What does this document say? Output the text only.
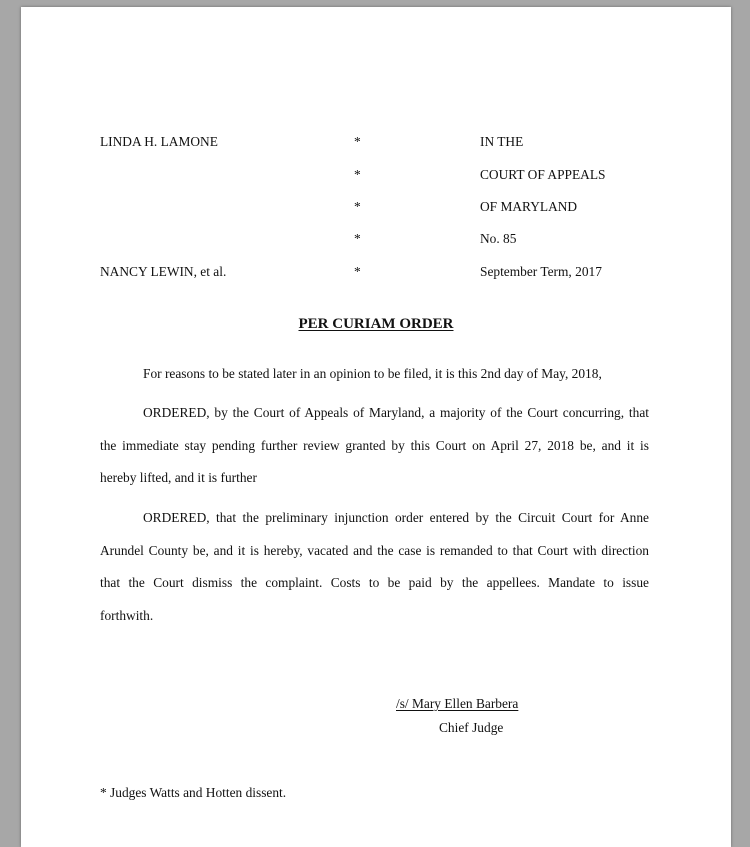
LINDA H. LAMONE
NANCY LEWIN, et al.
*
*
*
*
*
IN THE
COURT OF APPEALS
OF MARYLAND
No. 85
September Term, 2017
PER CURIAM ORDER
For reasons to be stated later in an opinion to be filed, it is this 2nd day of May, 2018,
ORDERED, by the Court of Appeals of Maryland, a majority of the Court concurring, that
the immediate stay pending further review granted by this Court on April 27, 2018 be, and it is
hereby lifted, and it is further
ORDERED, that the preliminary injunction order entered by the Circuit Court for Anne
Arundel County be, and it is hereby, vacated and the case is remanded to that Court with direction
that the Court dismiss the complaint. Costs to be paid by the appellees. Mandate to issue
forthwith.
/s/ Mary Ellen Barbera
Chief Judge
* Judges Watts and Hotten dissent.
